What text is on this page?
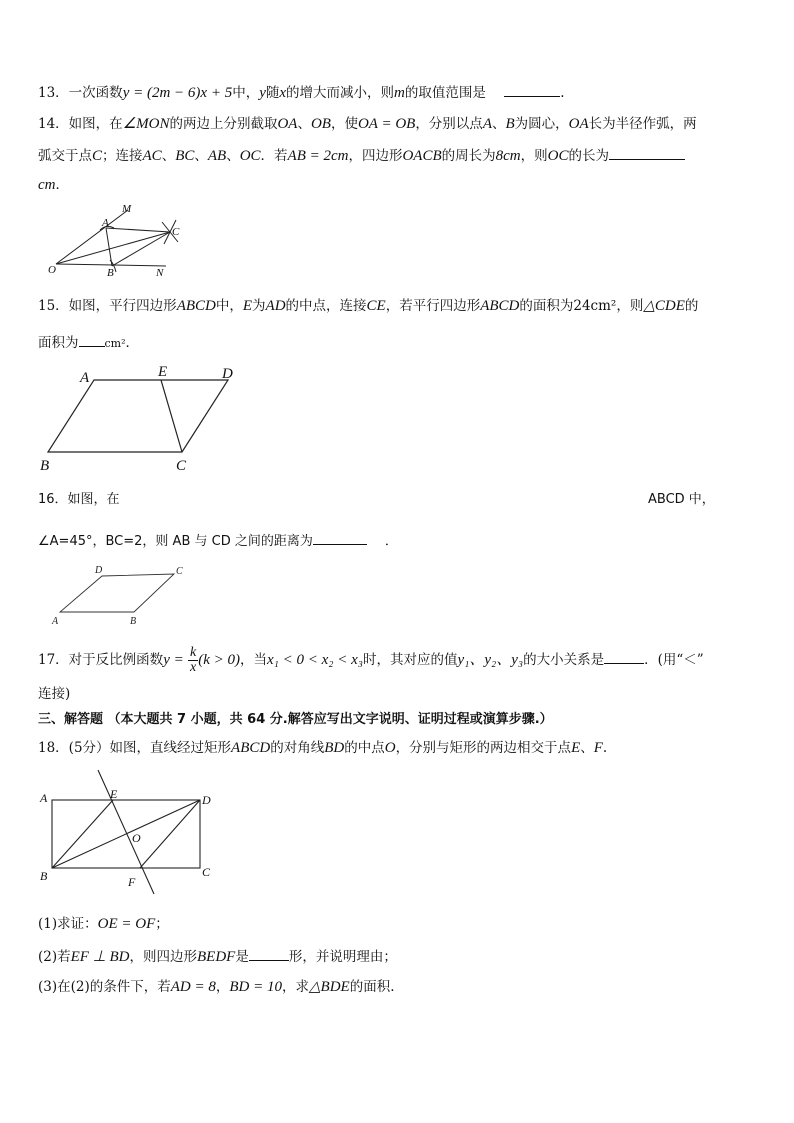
13．一次函数y = (2m − 6)x + 5中，y随x的增大而减小，则m的取值范围是	.
14．如图，在∠MON的两边上分别截取OA、OB，使OA = OB，分别以点A、B为圆心，OA长为半径作弧，两
弧交于点C；连接AC、BC、AB、OC．若AB = 2cm，四边形OACB的周长为8cm，则OC的长为
cm．
M
A
C
O	B	N
15．如图，平行四边形ABCD中，E为AD的中点，连接CE，若平行四边形ABCD的面积为24cm²，则△CDE的
面积为 cm²．
A	E	D
B	C
16．如图，在	ABCD 中，
∠A=45°，BC=2，则 AB 与 CD 之间的距离为	．
D	C
A	B
17．对于反比例函数$y = \frac{k}{x} (k > 0)$，当x₁ < 0 < x₂ < x₃时，其对应的值y₁、y₂、y₃的大小关系是	．(用“＜”
连接)
三、解答题 （本大题共 7 小题，共 64 分.解答应写出文字说明、证明过程或演算步骤.）
18．(5分）如图，直线经过矩形ABCD的对角线BD的中点O，分别与矩形的两边相交于点E、F.
A	E	D
O
B	F
C
(1)求证：OE = OF；
(2)若EF ⊥ BD，则四边形BEDF是	形，并说明理由；
(3)在(2)的条件下，若AD = 8，BD = 10，求△BDE的面积.
